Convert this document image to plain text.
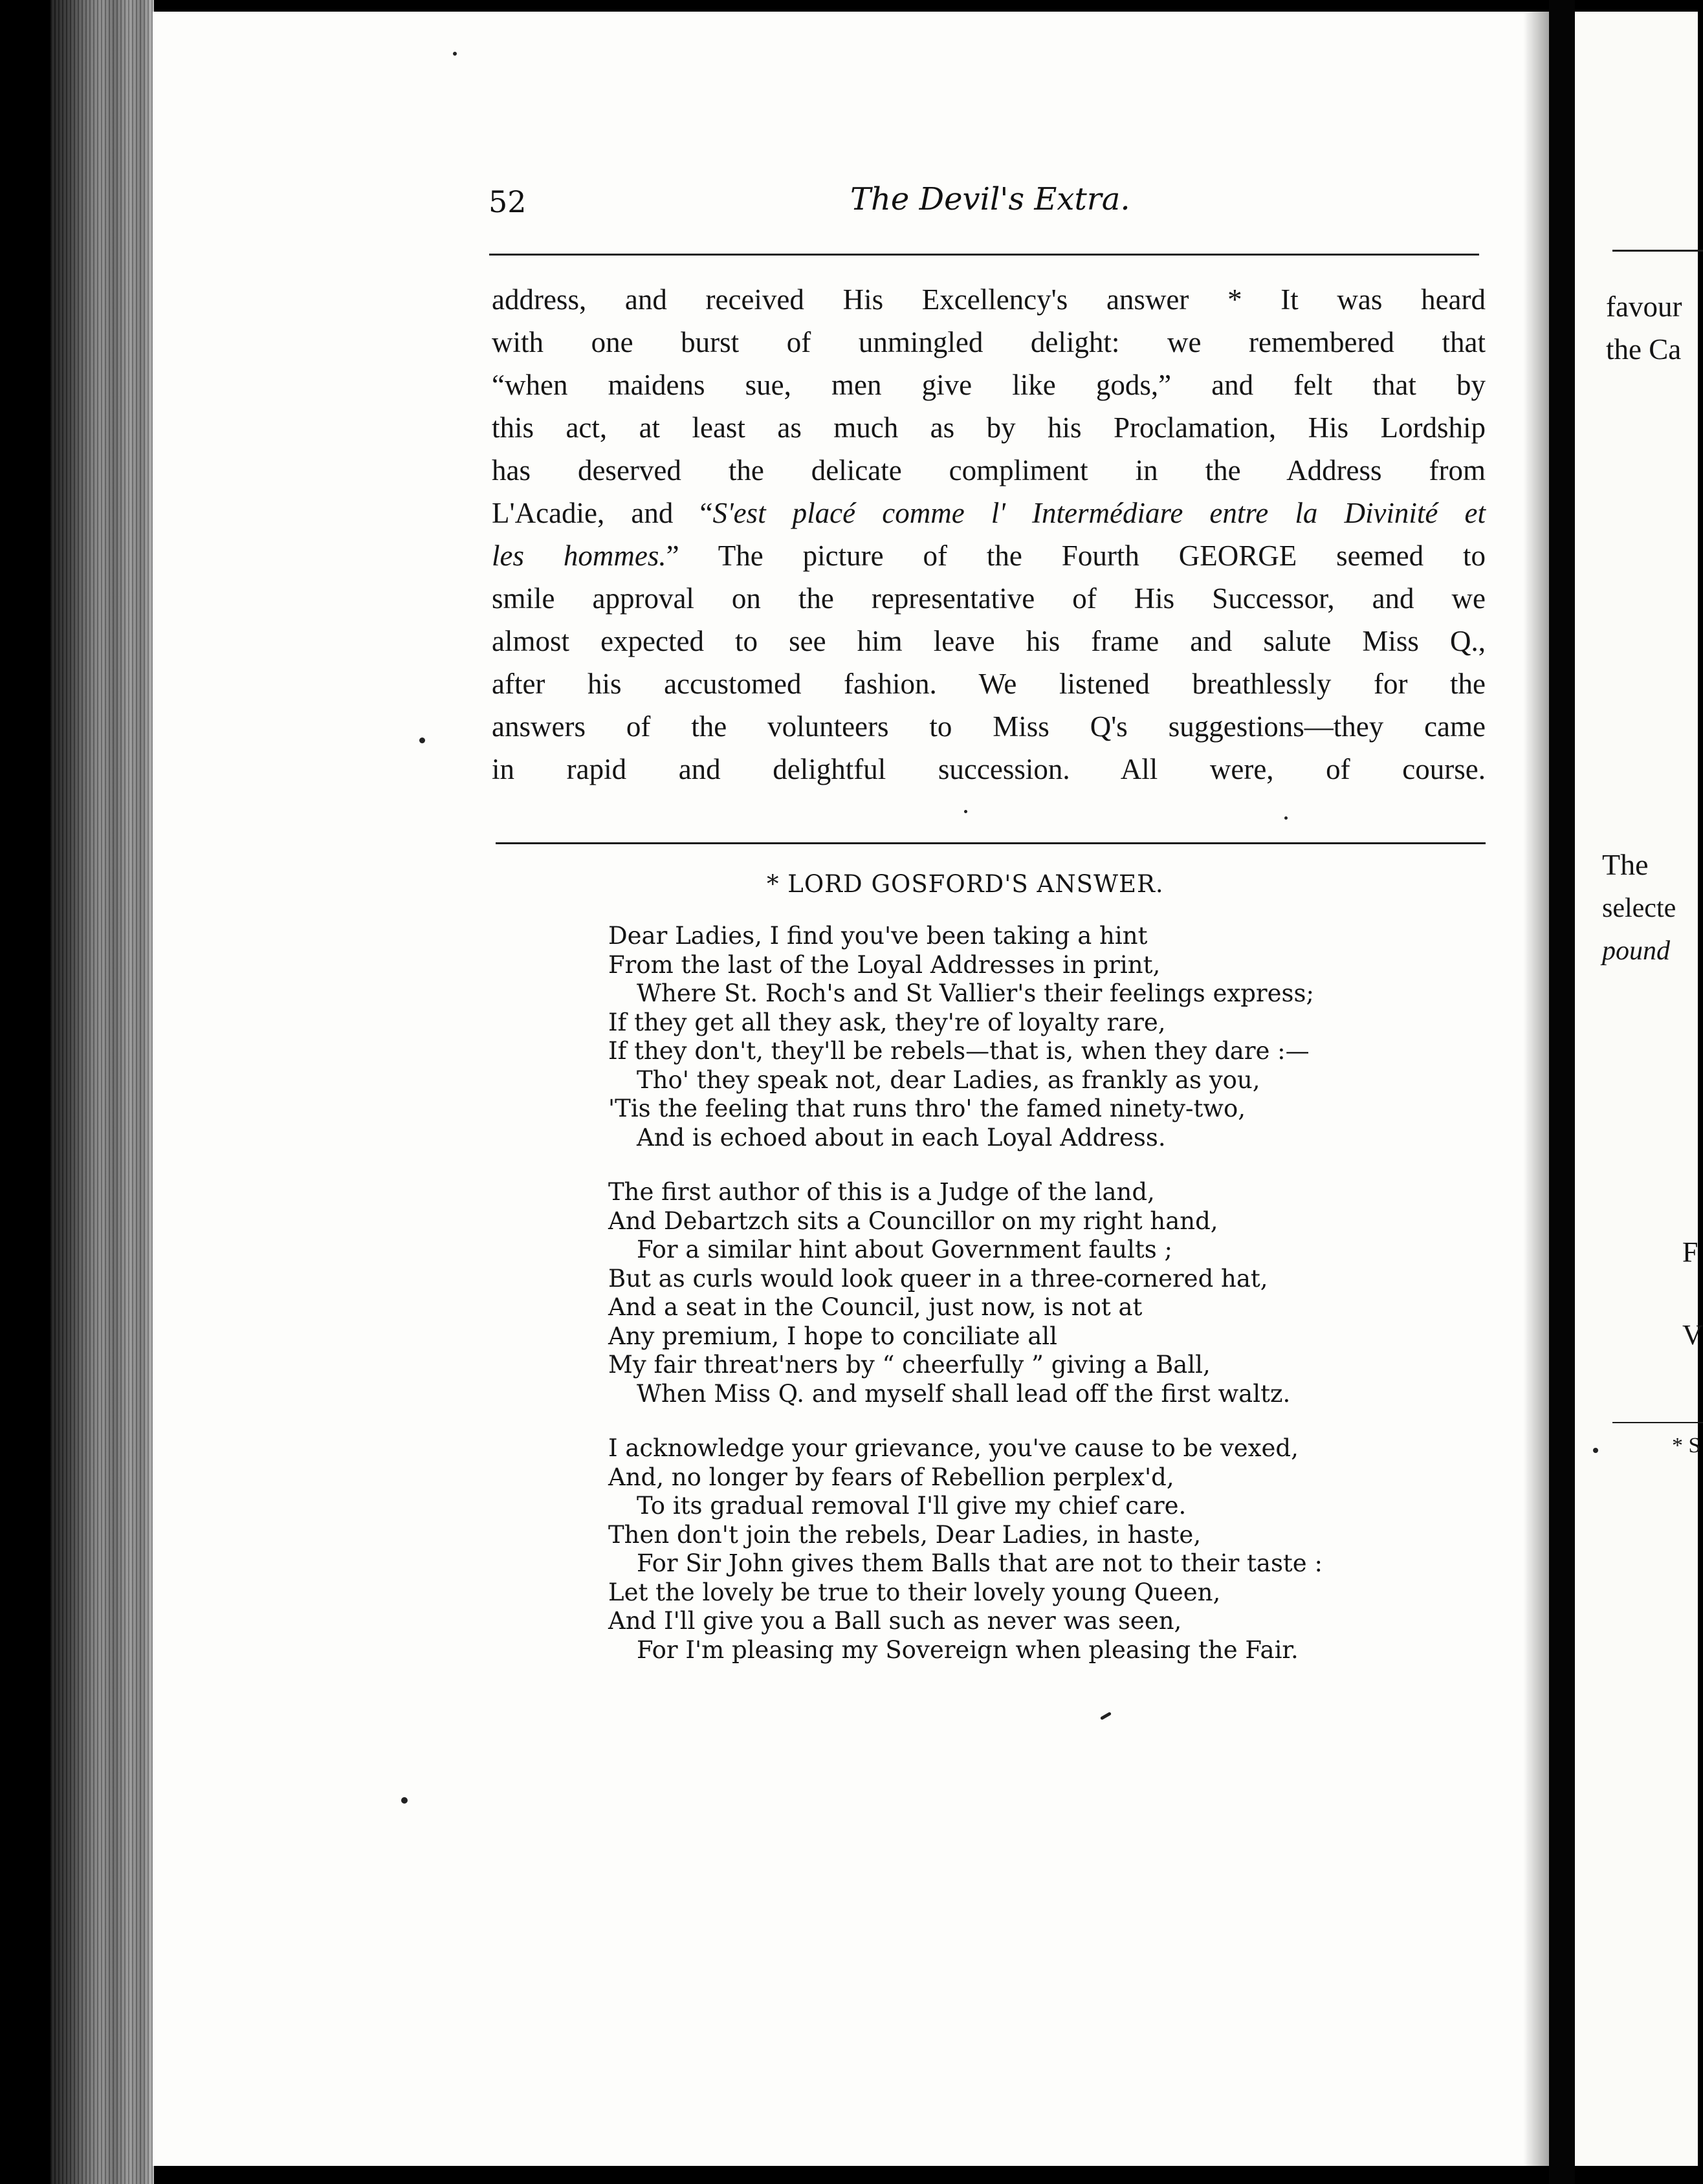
52	The Devil's Extra.
address, and received His Excellency's answer * It was heard
with one burst of unmingled delight: we remembered that
“when maidens sue, men give like gods,” and felt that by
this act, at least as much as by his Proclamation, His Lordship
has deserved the delicate compliment in the Address from
L'Acadie, and “S'est placé comme l' Intermédiare entre la Divinité et
les hommes.” The picture of the Fourth GEORGE seemed to
smile approval on the representative of His Successor, and we
almost expected to see him leave his frame and salute Miss Q.,
after his accustomed fashion. We listened breathlessly for the
answers of the volunteers to Miss Q's suggestions—they came
in rapid and delightful succession. All were, of course.
* LORD GOSFORD'S ANSWER.
Dear Ladies, I find you've been taking a hint
From the last of the Loyal Addresses in print,
Where St. Roch's and St Vallier's their feelings express;
If they get all they ask, they're of loyalty rare,
If they don't, they'll be rebels—that is, when they dare :—
Tho' they speak not, dear Ladies, as frankly as you,
'Tis the feeling that runs thro' the famed ninety-two,
And is echoed about in each Loyal Address.
The first author of this is a Judge of the land,
And Debartzch sits a Councillor on my right hand,
For a similar hint about Government faults ;
But as curls would look queer in a three-cornered hat,
And a seat in the Council, just now, is not at
Any premium, I hope to conciliate all
My fair threat'ners by “ cheerfully ” giving a Ball,
When Miss Q. and myself shall lead off the first waltz.
I acknowledge your grievance, you've cause to be vexed,
And, no longer by fears of Rebellion perplex'd,
To its gradual removal I'll give my chief care.
Then don't join the rebels, Dear Ladies, in haste,
For Sir John gives them Balls that are not to their taste :
Let the lovely be true to their lovely young Queen,
And I'll give you a Ball such as never was seen,
For I'm pleasing my Sovereign when pleasing the Fair.
favour
the Ca
The
selecte
pound
F
V
* S
